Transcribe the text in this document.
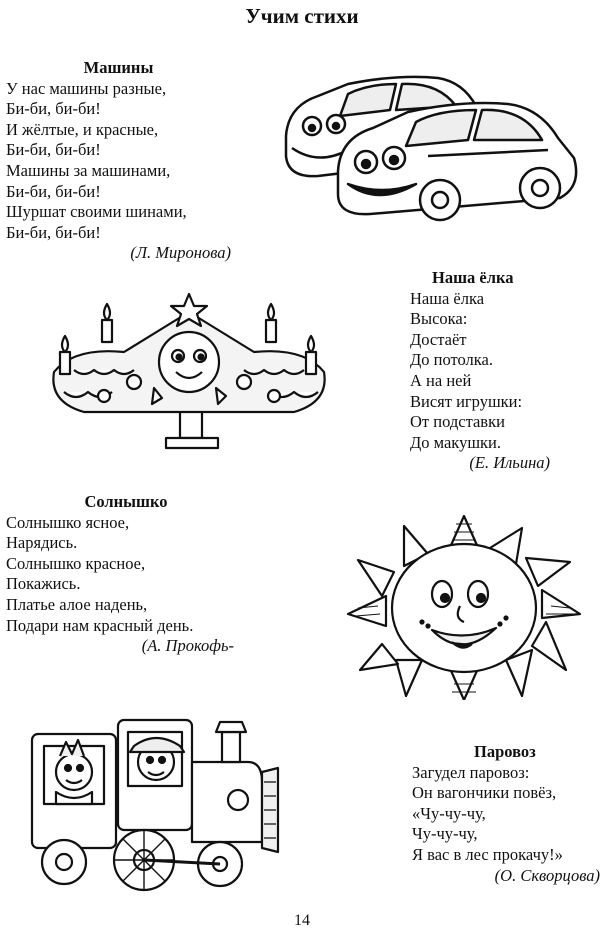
Учим стихи
Машины
У нас машины разные,
Би-би, би-би!
И жёлтые, и красные,
Би-би, би-би!
Машины за машинами,
Би-би, би-би!
Шуршат своими шинами,
Би-би, би-би!
(Л. Миронова)
Наша ёлка
Наша ёлка
Высока:
Достаёт
До потолка.
А на ней
Висят игрушки:
От подставки
До макушки.
(Е. Ильина)
Солнышко
Солнышко ясное,
Нарядись.
Солнышко красное,
Покажись.
Платье алое надень,
Подари нам красный день.
(А. Прокофь-
Паровоз
Загудел паровоз:
Он вагончики повёз,
«Чу-чу-чу,
Чу-чу-чу,
Я вас в лес прокачу!»
(О. Скворцова)
14
